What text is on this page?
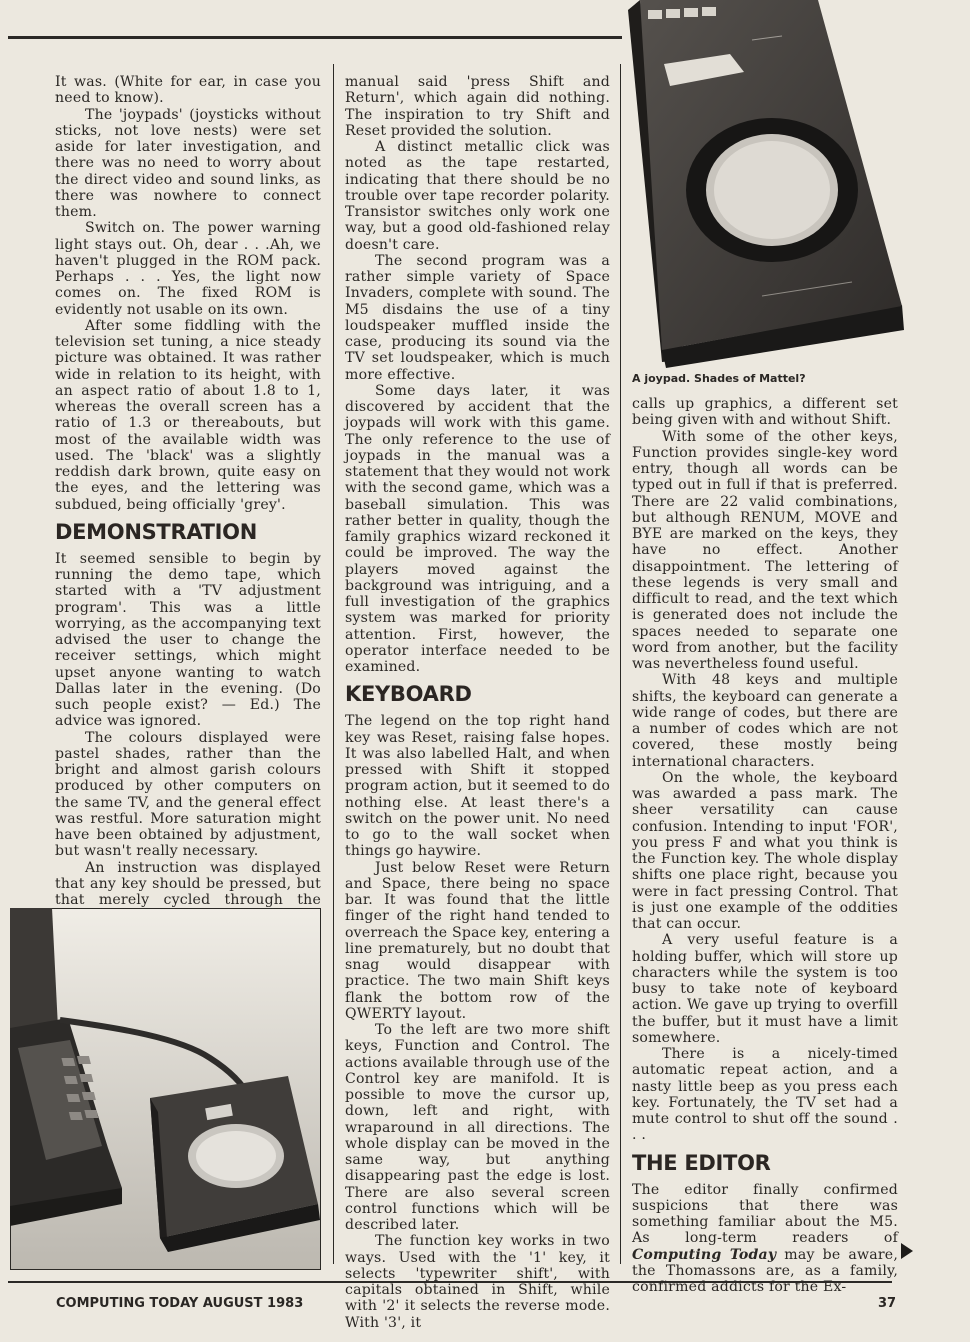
It was. (White for ear, in case you need to know).

The 'joypads' (joysticks without sticks, not love nests) were set aside for later investigation, and there was no need to worry about the direct video and sound links, as there was nowhere to connect them.

Switch on. The power warning light stays out. Oh, dear . . .Ah, we haven't plugged in the ROM pack. Perhaps . . . Yes, the light now comes on. The fixed ROM is evidently not usable on its own.

After some fiddling with the television set tuning, a nice steady picture was obtained. It was rather wide in relation to its height, with an aspect ratio of about 1.8 to 1, whereas the overall screen has a ratio of 1.3 or thereabouts, but most of the available width was used. The 'black' was a slightly reddish dark brown, quite easy on the eyes, and the lettering was subdued, being officially 'grey'.

DEMONSTRATION

It seemed sensible to begin by running the demo tape, which started with a 'TV adjustment program'. This was a little worrying, as the accompanying text advised the user to change the receiver settings, which might upset anyone wanting to watch Dallas later in the evening. (Do such people exist? — Ed.) The advice was ignored.

The colours displayed were pastel shades, rather than the bright and almost garish colours produced by other computers on the same TV, and the general effect was restful. More saturation might have been obtained by adjustment, but wasn't really necessary.

An instruction was displayed that any key should be pressed, but that merely cycled through the

manual said 'press Shift and Return', which again did nothing. The inspiration to try Shift and Reset provided the solution.

A distinct metallic click was noted as the tape restarted, indicating that there should be no trouble over tape recorder polarity. Transistor switches only work one way, but a good old-fashioned relay doesn't care.

The second program was a rather simple variety of Space Invaders, complete with sound. The M5 disdains the use of a tiny loudspeaker muffled inside the case, producing its sound via the TV set loudspeaker, which is much more effective.

Some days later, it was discovered by accident that the joypads will work with this game. The only reference to the use of joypads in the manual was a statement that they would not work with the second game, which was a baseball simulation. This was rather better in quality, though the family graphics wizard reckoned it could be improved. The way the players moved against the background was intriguing, and a full investigation of the graphics system was marked for priority attention. First, however, the operator interface needed to be examined.

KEYBOARD

The legend on the top right hand key was Reset, raising false hopes. It was also labelled Halt, and when pressed with Shift it stopped program action, but it seemed to do nothing else. At least there's a switch on the power unit. No need to go to the wall socket when things go haywire.

Just below Reset were Return and Space, there being no space bar. It was found that the little finger of the right hand tended to overreach the Space key, entering a line prematurely, but no doubt that snag would disappear with practice. The two main Shift keys flank the bottom row of the QWERTY layout.

To the left are two more shift keys, Function and Control. The actions available through use of the Control key are manifold. It is possible to move the cursor up, down, left and right, with wraparound in all directions. The whole display can be moved in the same way, but anything disappearing past the edge is lost. There are also several screen control functions which will be described later.

The function key works in two ways. Used with the '1' key, it selects 'typewriter shift', with capitals obtained in Shift, while with '2' it selects the reverse mode. With '3', it

A joypad. Shades of Mattel?

calls up graphics, a different set being given with and without Shift.

With some of the other keys, Function provides single-key word entry, though all words can be typed out in full if that is preferred. There are 22 valid combinations, but although RENUM, MOVE and BYE are marked on the keys, they have no effect. Another disappointment. The lettering of these legends is very small and difficult to read, and the text which is generated does not include the spaces needed to separate one word from another, but the facility was nevertheless found useful.

With 48 keys and multiple shifts, the keyboard can generate a wide range of codes, but there are a number of codes which are not covered, these mostly being international characters.

On the whole, the keyboard was awarded a pass mark. The sheer versatility can cause confusion. Intending to input 'FOR', you press F and what you think is the Function key. The whole display shifts one place right, because you were in fact pressing Control. That is just one example of the oddities that can occur.

A very useful feature is a holding buffer, which will store up characters while the system is too busy to take note of keyboard action. We gave up trying to overfill the buffer, but it must have a limit somewhere.

There is a nicely-timed automatic repeat action, and a nasty little beep as you press each key. Fortunately, the TV set had a mute control to shut off the sound . . .

THE EDITOR

The editor finally confirmed suspicions that there was something familiar about the M5. As long-term readers of Computing Today may be aware, the Thomassons are, as a family, confirmed addicts for the Ex-

COMPUTING TODAY AUGUST 1983	37
